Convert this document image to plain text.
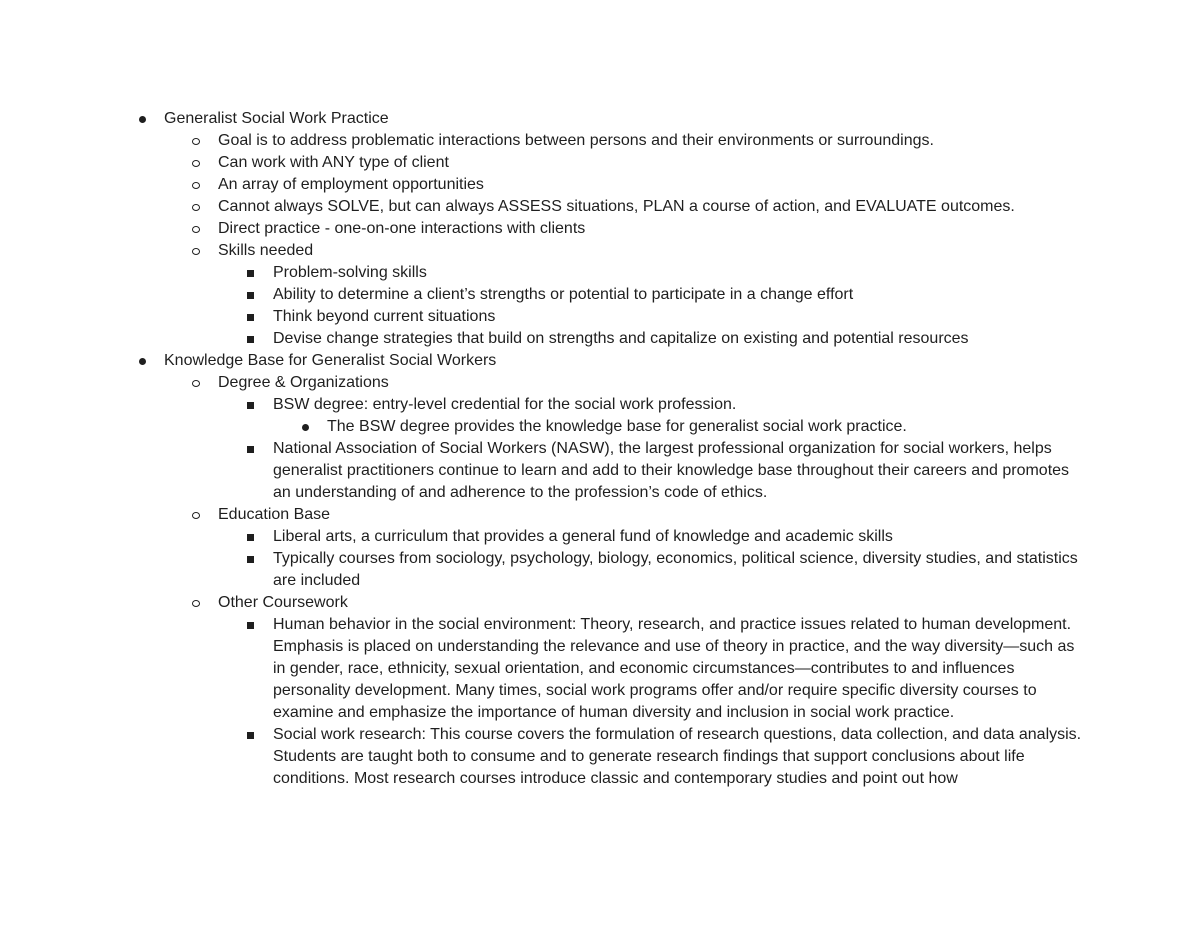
Generalist Social Work Practice
Goal is to address problematic interactions between persons and their environments or surroundings.
Can work with ANY type of client
An array of employment opportunities
Cannot always SOLVE, but can always ASSESS situations, PLAN a course of action, and EVALUATE outcomes.
Direct practice - one-on-one interactions with clients
Skills needed
Problem-solving skills
Ability to determine a client’s strengths or potential to participate in a change effort
Think beyond current situations
Devise change strategies that build on strengths and capitalize on existing and potential resources
Knowledge Base for Generalist Social Workers
Degree & Organizations
BSW degree: entry-level credential for the social work profession.
The BSW degree provides the knowledge base for generalist social work practice.
National Association of Social Workers (NASW), the largest professional organization for social workers, helps generalist practitioners continue to learn and add to their knowledge base throughout their careers and promotes an understanding of and adherence to the profession’s code of ethics.
Education Base
Liberal arts, a curriculum that provides a general fund of knowledge and academic skills
Typically courses from sociology, psychology, biology, economics, political science, diversity studies, and statistics are included
Other Coursework
Human behavior in the social environment: Theory, research, and practice issues related to human development. Emphasis is placed on understanding the relevance and use of theory in practice, and the way diversity—such as in gender, race, ethnicity, sexual orientation, and economic circumstances—contributes to and influences personality development. Many times, social work programs offer and/or require specific diversity courses to examine and emphasize the importance of human diversity and inclusion in social work practice.
Social work research: This course covers the formulation of research questions, data collection, and data analysis. Students are taught both to consume and to generate research findings that support conclusions about life conditions. Most research courses introduce classic and contemporary studies and point out how
